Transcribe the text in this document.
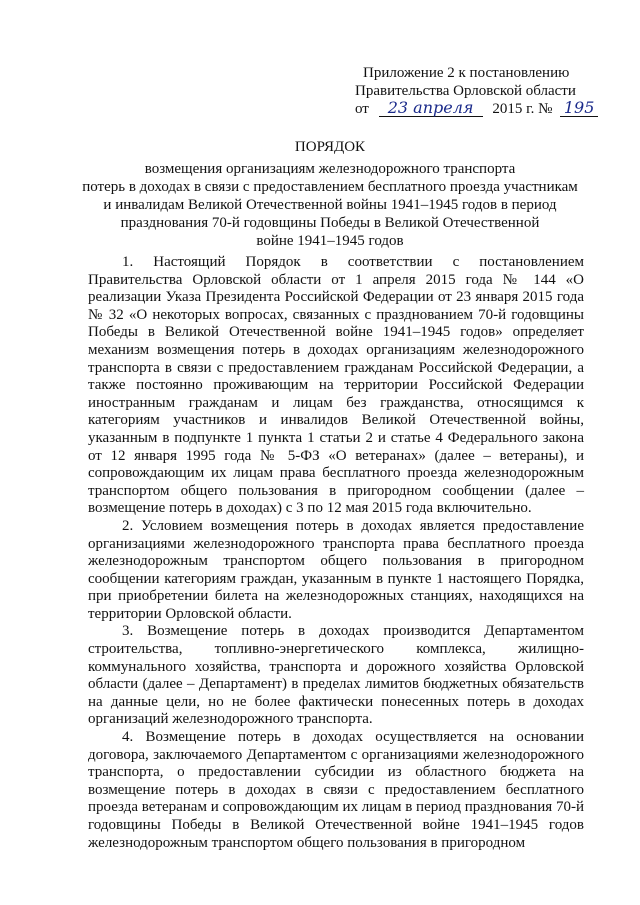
Приложение 2 к постановлению
Правительства Орловской области
от 23 апреля 2015 г. № 195
ПОРЯДОК
возмещения организациям железнодорожного транспорта
потерь в доходах в связи с предоставлением бесплатного проезда участникам
и инвалидам Великой Отечественной войны 1941–1945 годов в период
празднования 70-й годовщины Победы в Великой Отечественной
войне 1941–1945 годов

1. Настоящий Порядок в соответствии с постановлением Правительства Орловской области от 1 апреля 2015 года № 144 «О реализации Указа Президента Российской Федерации от 23 января 2015 года № 32 «О некоторых вопросах, связанных с празднованием 70-й годовщины Победы в Великой Отечественной войне 1941–1945 годов» определяет механизм возмещения потерь в доходах организациям железнодорожного транспорта в связи с предоставлением гражданам Российской Федерации, а также постоянно проживающим на территории Российской Федерации иностранным гражданам и лицам без гражданства, относящимся к категориям участников и инвалидов Великой Отечественной войны, указанным в подпункте 1 пункта 1 статьи 2 и статье 4 Федерального закона от 12 января 1995 года № 5-ФЗ «О ветеранах» (далее – ветераны), и сопровождающим их лицам права бесплатного проезда железнодорожным транспортом общего пользования в пригородном сообщении (далее – возмещение потерь в доходах) с 3 по 12 мая 2015 года включительно.

2. Условием возмещения потерь в доходах является предоставление организациями железнодорожного транспорта права бесплатного проезда железнодорожным транспортом общего пользования в пригородном сообщении категориям граждан, указанным в пункте 1 настоящего Порядка, при приобретении билета на железнодорожных станциях, находящихся на территории Орловской области.

3. Возмещение потерь в доходах производится Департаментом строительства, топливно-энергетического комплекса, жилищно-коммунального хозяйства, транспорта и дорожного хозяйства Орловской области (далее – Департамент) в пределах лимитов бюджетных обязательств на данные цели, но не более фактически понесенных потерь в доходах организаций железнодорожного транспорта.

4. Возмещение потерь в доходах осуществляется на основании договора, заключаемого Департаментом с организациями железнодорожного транспорта, о предоставлении субсидии из областного бюджета на возмещение потерь в доходах в связи с предоставлением бесплатного проезда ветеранам и сопровождающим их лицам в период празднования 70-й годовщины Победы в Великой Отечественной войне 1941–1945 годов железнодорожным транспортом общего пользования в пригородном
